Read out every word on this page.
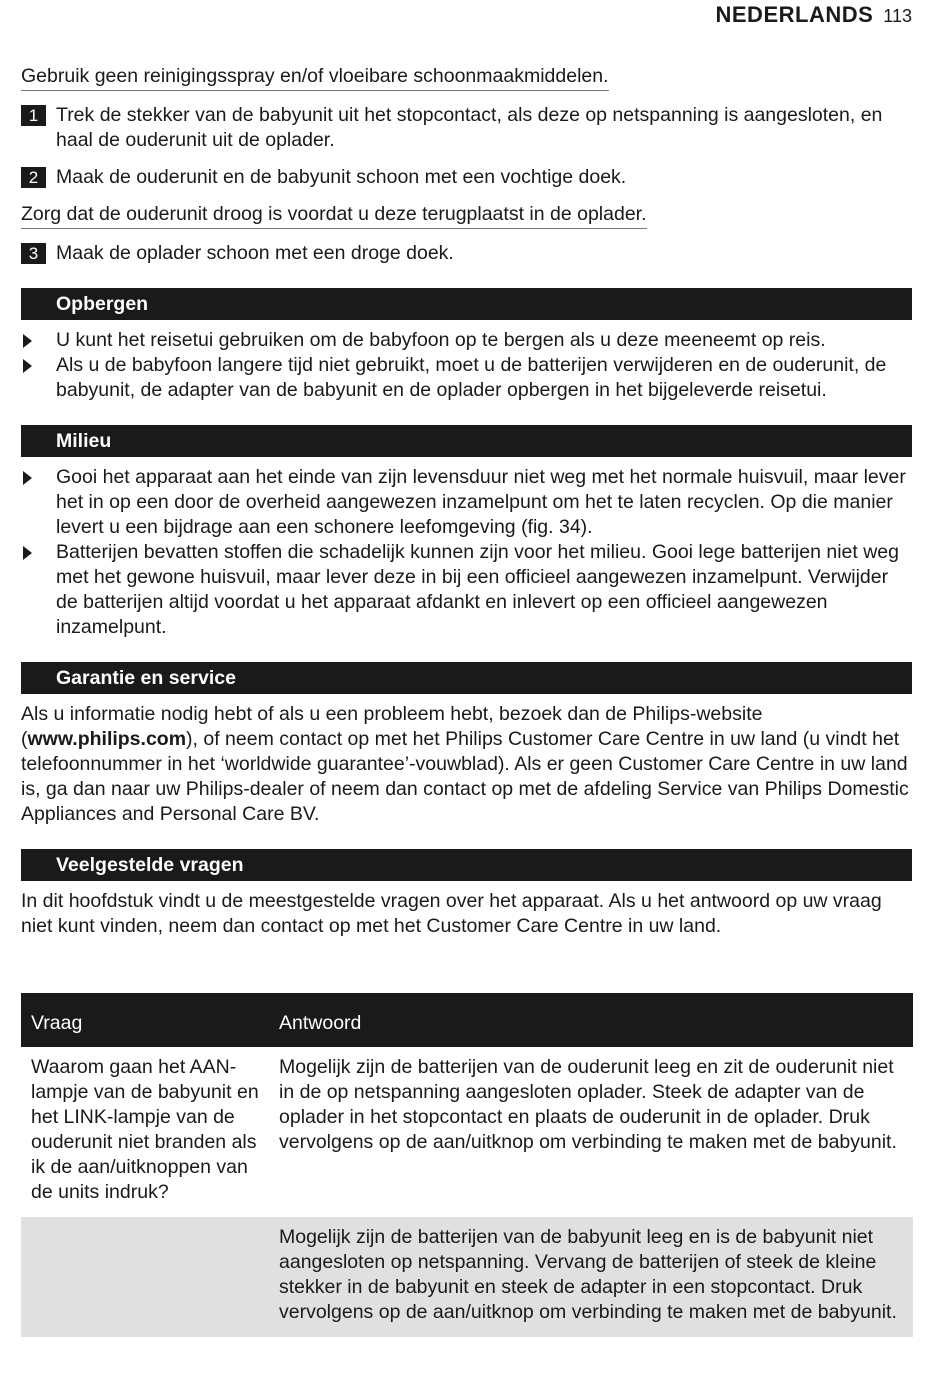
NEDERLANDS 113
Gebruik geen reinigingsspray en/of vloeibare schoonmaakmiddelen.
1 Trek de stekker van de babyunit uit het stopcontact, als deze op netspanning is aangesloten, en haal de ouderunit uit de oplader.
2 Maak de ouderunit en de babyunit schoon met een vochtige doek.
Zorg dat de ouderunit droog is voordat u deze terugplaatst in de oplader.
3 Maak de oplader schoon met een droge doek.
Opbergen
U kunt het reisetui gebruiken om de babyfoon op te bergen als u deze meeneemt op reis.
Als u de babyfoon langere tijd niet gebruikt, moet u de batterijen verwijderen en de ouderunit, de babyunit, de adapter van de babyunit en de oplader opbergen in het bijgeleverde reisetui.
Milieu
Gooi het apparaat aan het einde van zijn levensduur niet weg met het normale huisvuil, maar lever het in op een door de overheid aangewezen inzamelpunt om het te laten recyclen. Op die manier levert u een bijdrage aan een schonere leefomgeving (fig. 34).
Batterijen bevatten stoffen die schadelijk kunnen zijn voor het milieu. Gooi lege batterijen niet weg met het gewone huisvuil, maar lever deze in bij een officieel aangewezen inzamelpunt. Verwijder de batterijen altijd voordat u het apparaat afdankt en inlevert op een officieel aangewezen inzamelpunt.
Garantie en service

Als u informatie nodig hebt of als u een probleem hebt, bezoek dan de Philips-website (www.philips.com), of neem contact op met het Philips Customer Care Centre in uw land (u vindt het telefoonnummer in het ‘worldwide guarantee’-vouwblad). Als er geen Customer Care Centre in uw land is, ga dan naar uw Philips-dealer of neem dan contact op met de afdeling Service van Philips Domestic Appliances and Personal Care BV.

Veelgestelde vragen

In dit hoofdstuk vindt u de meestgestelde vragen over het apparaat. Als u het antwoord op uw vraag niet kunt vinden, neem dan contact op met het Customer Care Centre in uw land.

Vraag	Antwoord
Waarom gaan het AAN-lampje van de babyunit en het LINK-lampje van de ouderunit niet branden als ik de aan/uitknoppen van de units indruk?	Mogelijk zijn de batterijen van de ouderunit leeg en zit de ouderunit niet in de op netspanning aangesloten oplader. Steek de adapter van de oplader in het stopcontact en plaats de ouderunit in de oplader. Druk vervolgens op de aan/uitknop om verbinding te maken met de babyunit.
	Mogelijk zijn de batterijen van de babyunit leeg en is de babyunit niet aangesloten op netspanning. Vervang de batterijen of steek de kleine stekker in de babyunit en steek de adapter in een stopcontact. Druk vervolgens op de aan/uitknop om verbinding te maken met de babyunit.
